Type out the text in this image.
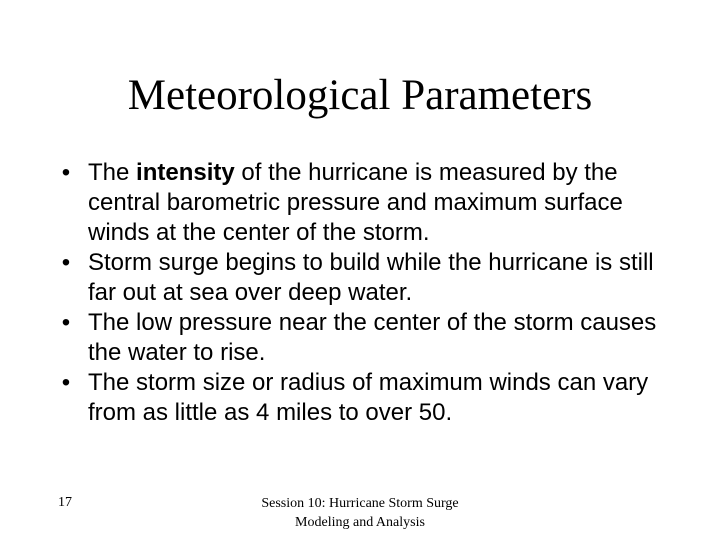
Meteorological Parameters
• The intensity of the hurricane is measured by the central barometric pressure and maximum surface winds at the center of the storm.
• Storm surge begins to build while the hurricane is still far out at sea over deep water.
• The low pressure near the center of the storm causes the water to rise.
• The storm size or radius of maximum winds can vary from as little as 4 miles to over 50.
17	Session 10: Hurricane Storm Surge
Modeling and Analysis
